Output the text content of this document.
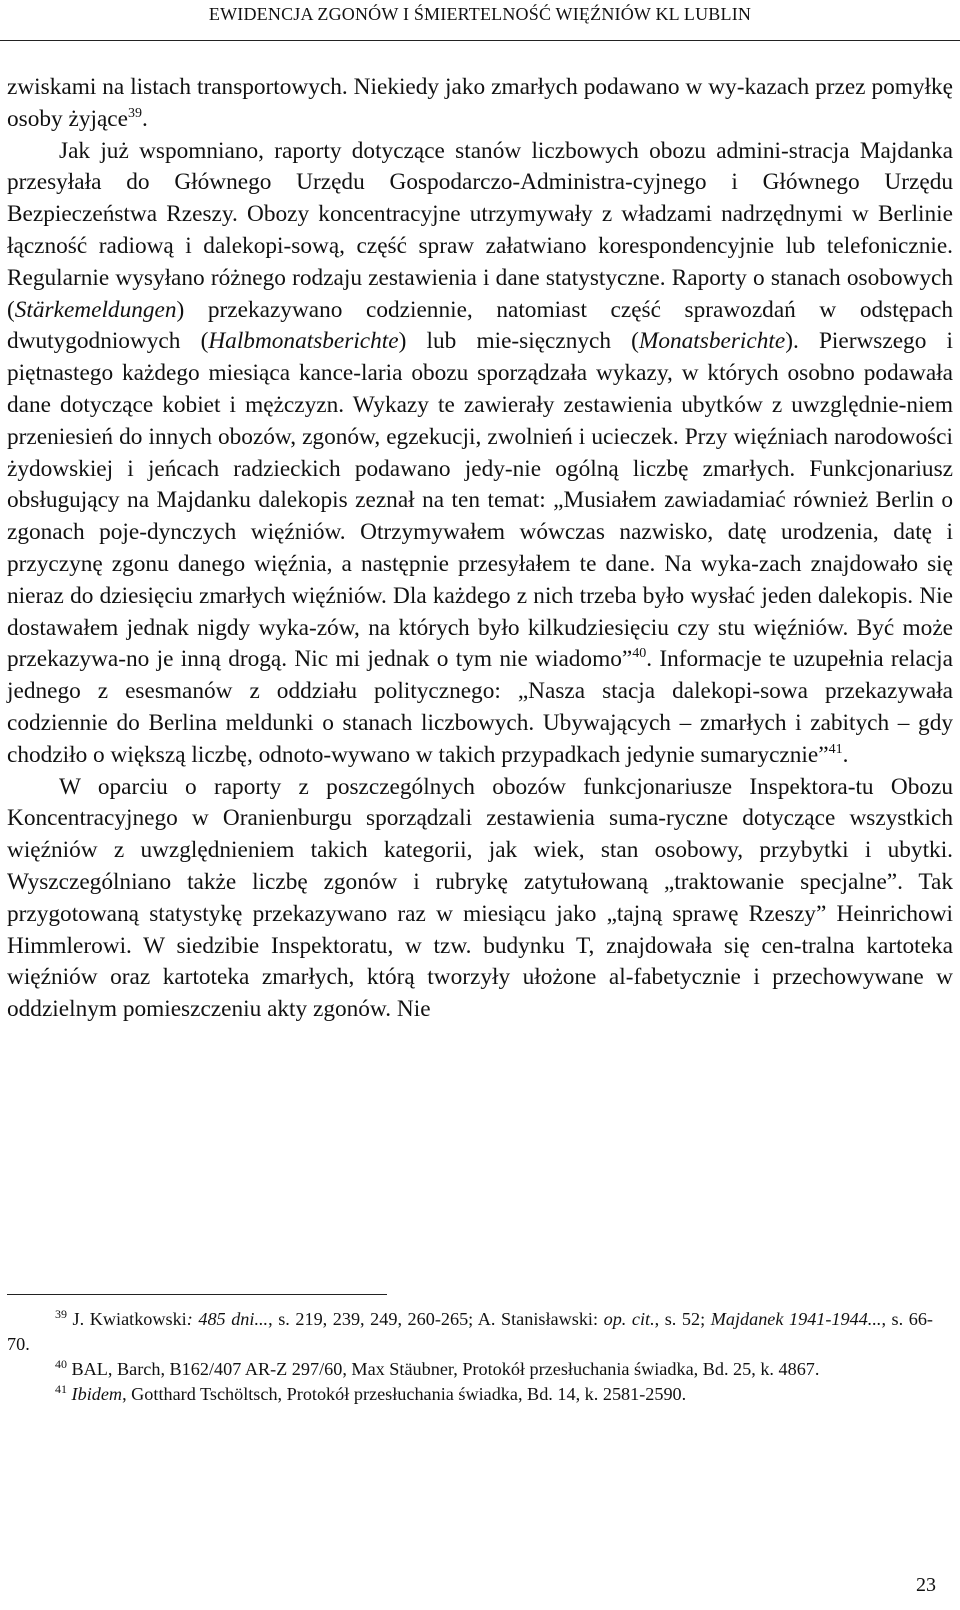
EWIDENCJA ZGONÓW I ŚMIERTELNOŚĆ WIĘŹNIÓW KL LUBLIN

zwiskami na listach transportowych. Niekiedy jako zmarłych podawano w wy-kazach przez pomyłkę osoby żyjące$^{39}$.

Jak już wspomniano, raporty dotyczące stanów liczbowych obozu admini-stracja Majdanka przesyłała do Głównego Urzędu Gospodarczo-Administra-cyjnego i Głównego Urzędu Bezpieczeństwa Rzeszy. Obozy koncentracyjne utrzymywały z władzami nadrzędnymi w Berlinie łączność radiową i dalekopi-sową, część spraw załatwiano korespondencyjnie lub telefonicznie. Regularnie wysyłano różnego rodzaju zestawienia i dane statystyczne. Raporty o stanach osobowych (Stärkemeldungen) przekazywano codziennie, natomiast część sprawozdań w odstępach dwutygodniowych (Halbmonatsberichte) lub mie-sięcznych (Monatsberichte). Pierwszego i piętnastego każdego miesiąca kance-laria obozu sporządzała wykazy, w których osobno podawała dane dotyczące kobiet i mężczyzn. Wykazy te zawierały zestawienia ubytków z uwzględnie-niem przeniesień do innych obozów, zgonów, egzekucji, zwolnień i ucieczek. Przy więźniach narodowości żydowskiej i jeńcach radzieckich podawano jedy-nie ogólną liczbę zmarłych. Funkcjonariusz obsługujący na Majdanku dalekopis zeznał na ten temat: „Musiałem zawiadamiać również Berlin o zgonach poje-dynczych więźniów. Otrzymywałem wówczas nazwisko, datę urodzenia, datę i przyczynę zgonu danego więźnia, a następnie przesyłałem te dane. Na wyka-zach znajdowało się nieraz do dziesięciu zmarłych więźniów. Dla każdego z nich trzeba było wysłać jeden dalekopis. Nie dostawałem jednak nigdy wyka-zów, na których było kilkudziesięciu czy stu więźniów. Być może przekazywa-no je inną drogą. Nic mi jednak o tym nie wiadomo”$^{40}$. Informacje te uzupełnia relacja jednego z esesmanów z oddziału politycznego: „Nasza stacja dalekopi-sowa przekazywała codziennie do Berlina meldunki o stanach liczbowych. Ubywających – zmarłych i zabitych – gdy chodziło o większą liczbę, odnoto-wywano w takich przypadkach jedynie sumarycznie”$^{41}$.

W oparciu o raporty z poszczególnych obozów funkcjonariusze Inspektora-tu Obozu Koncentracyjnego w Oranienburgu sporządzali zestawienia suma-ryczne dotyczące wszystkich więźniów z uwzględnieniem takich kategorii, jak wiek, stan osobowy, przybytki i ubytki. Wyszczególniano także liczbę zgonów i rubrykę zatytułowaną „traktowanie specjalne”. Tak przygotowaną statystykę przekazywano raz w miesiącu jako „tajną sprawę Rzeszy” Heinrichowi Himmlerowi. W siedzibie Inspektoratu, w tzw. budynku T, znajdowała się cen-tralna kartoteka więźniów oraz kartoteka zmarłych, którą tworzyły ułożone al-fabetycznie i przechowywane w oddzielnym pomieszczeniu akty zgonów. Nie

$^{39}$ J. Kwiatkowski: 485 dni..., s. 219, 239, 249, 260-265; A. Stanisławski: op. cit., s. 52; Majdanek 1941-1944..., s. 66-70.

$^{40}$ BAL, Barch, B162/407 AR-Z 297/60, Max Stäubner, Protokół przesłuchania świadka, Bd. 25, k. 4867.

$^{41}$ Ibidem, Gotthard Tschöltsch, Protokół przesłuchania świadka, Bd. 14, k. 2581-2590.

23
